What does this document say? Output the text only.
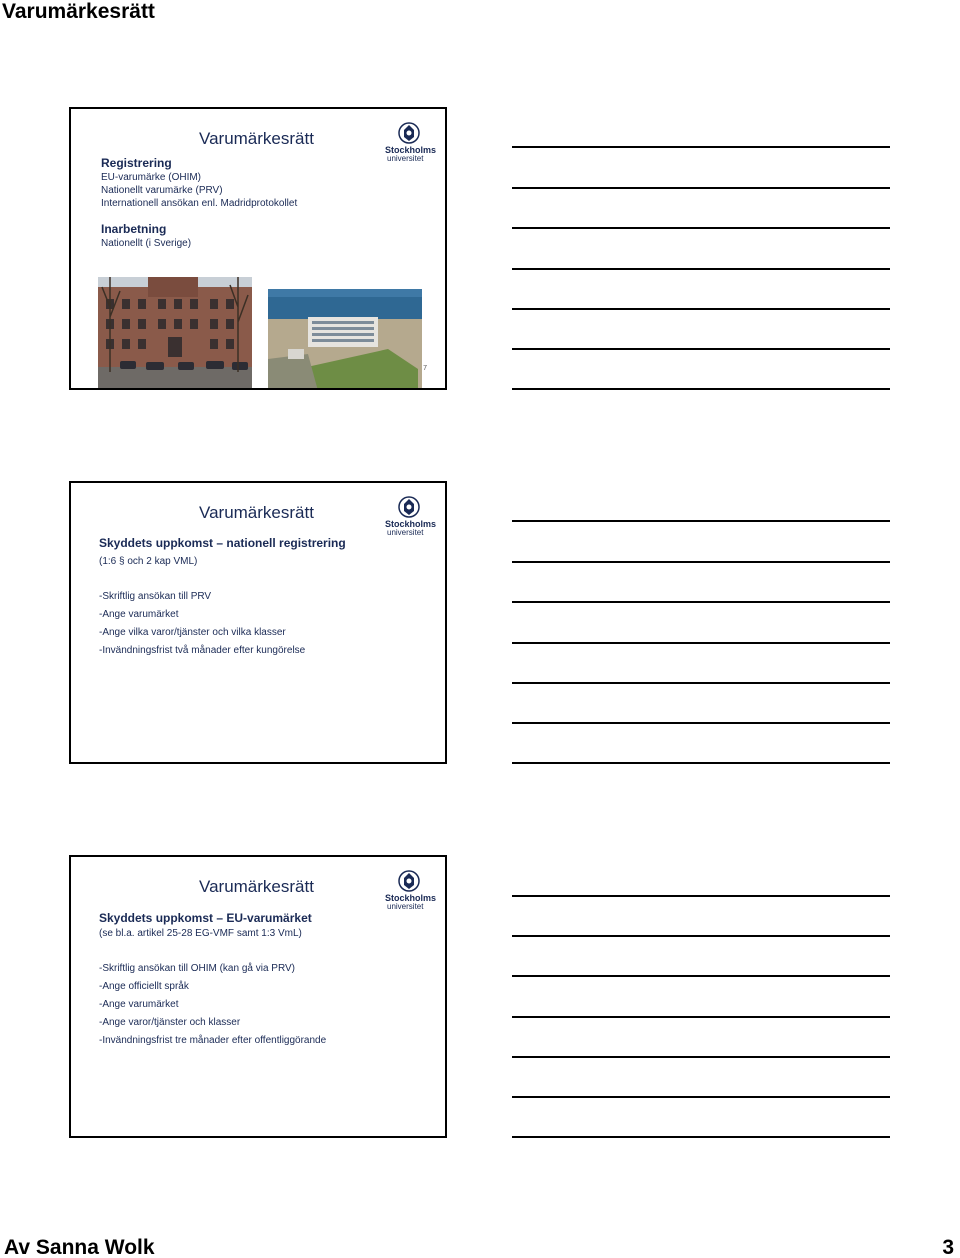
Varumärkesrätt
Varumärkesrätt
Stockholms
universitet
Registrering
EU-varumärke (OHIM)
Nationellt varumärke (PRV)
Internationell ansökan enl. Madridprotokollet
Inarbetning
Nationellt (i Sverige)
7
Varumärkesrätt
Stockholms
universitet
Skyddets uppkomst – nationell registrering
(1:6 § och 2 kap VML)
-Skriftlig ansökan till PRV
-Ange varumärket
-Ange vilka varor/tjänster och vilka klasser
-Invändningsfrist två månader efter kungörelse
Varumärkesrätt
Stockholms
universitet
Skyddets uppkomst – EU-varumärket
(se bl.a. artikel 25-28 EG-VMF samt 1:3 VmL)
-Skriftlig ansökan till OHIM (kan gå via PRV)
-Ange officiellt språk
-Ange varumärket
-Ange varor/tjänster och klasser
-Invändningsfrist tre månader efter offentliggörande
Av Sanna Wolk	3
